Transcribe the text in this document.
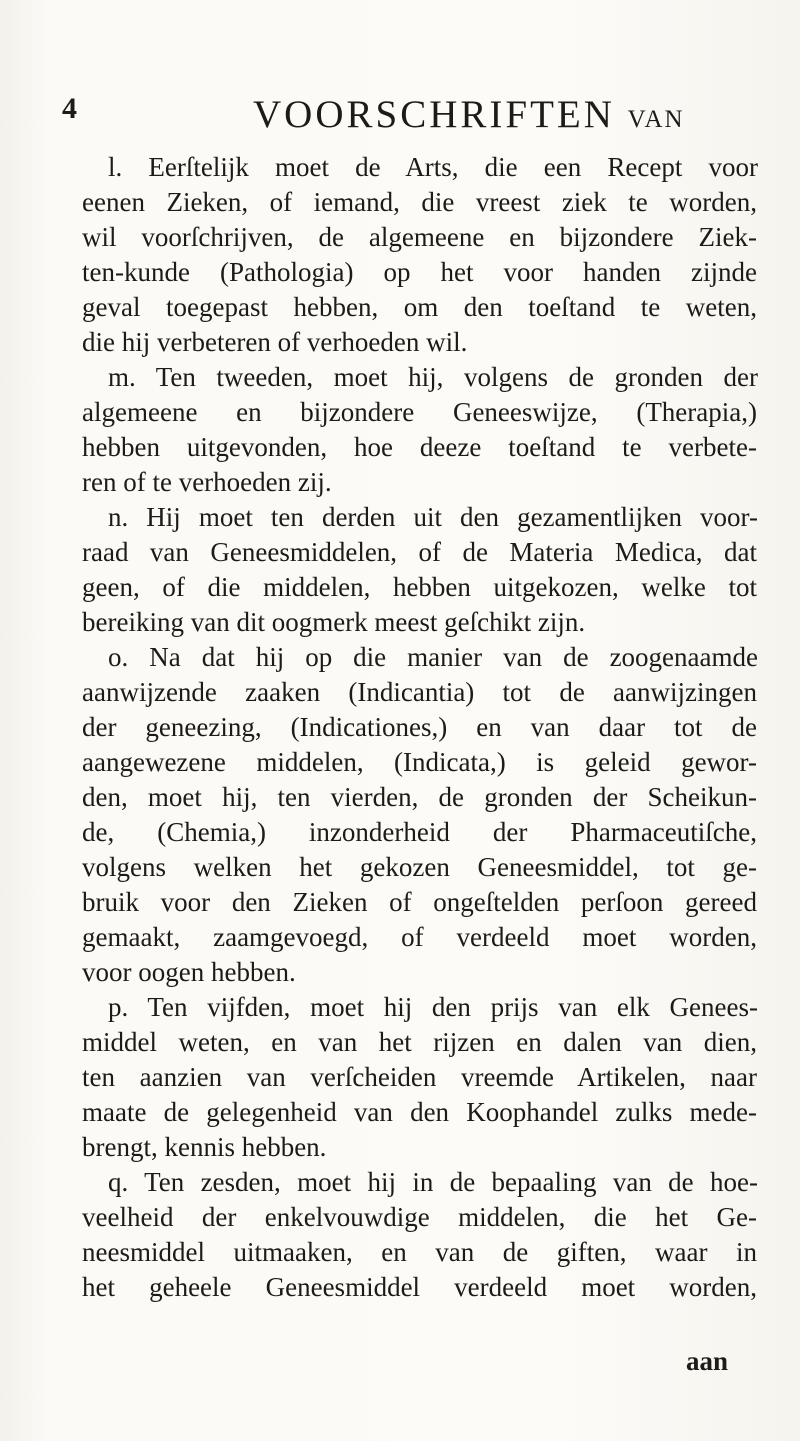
4	VOORSCHRIFTEN VAN
l. Eerſtelijk moet de Arts, die een Recept voor
eenen Zieken, of iemand, die vreest ziek te worden,
wil voorſchrijven, de algemeene en bijzondere Ziek-
ten-kunde (Pathologia) op het voor handen zijnde
geval toegepast hebben, om den toeſtand te weten,
die hij verbeteren of verhoeden wil.
m. Ten tweeden, moet hij, volgens de gronden der
algemeene en bijzondere Geneeswijze, (Therapia,)
hebben uitgevonden, hoe deeze toeſtand te verbete-
ren of te verhoeden zij.
n. Hij moet ten derden uit den gezamentlijken voor-
raad van Geneesmiddelen, of de Materia Medica, dat
geen, of die middelen, hebben uitgekozen, welke tot
bereiking van dit oogmerk meest geſchikt zijn.
o. Na dat hij op die manier van de zoogenaamde
aanwijzende zaaken (Indicantia) tot de aanwijzingen
der geneezing, (Indicationes,) en van daar tot de
aangewezene middelen, (Indicata,) is geleid gewor-
den, moet hij, ten vierden, de gronden der Scheikun-
de, (Chemia,) inzonderheid der Pharmaceutiſche,
volgens welken het gekozen Geneesmiddel, tot ge-
bruik voor den Zieken of ongeſtelden perſoon gereed
gemaakt, zaamgevoegd, of verdeeld moet worden,
voor oogen hebben.
p. Ten vijfden, moet hij den prijs van elk Genees-
middel weten, en van het rijzen en dalen van dien,
ten aanzien van verſcheiden vreemde Artikelen, naar
maate de gelegenheid van den Koophandel zulks mede-
brengt, kennis hebben.
q. Ten zesden, moet hij in de bepaaling van de hoe-
veelheid der enkelvouwdige middelen, die het Ge-
neesmiddel uitmaaken, en van de giften, waar in
het geheele Geneesmiddel verdeeld moet worden,
aan
